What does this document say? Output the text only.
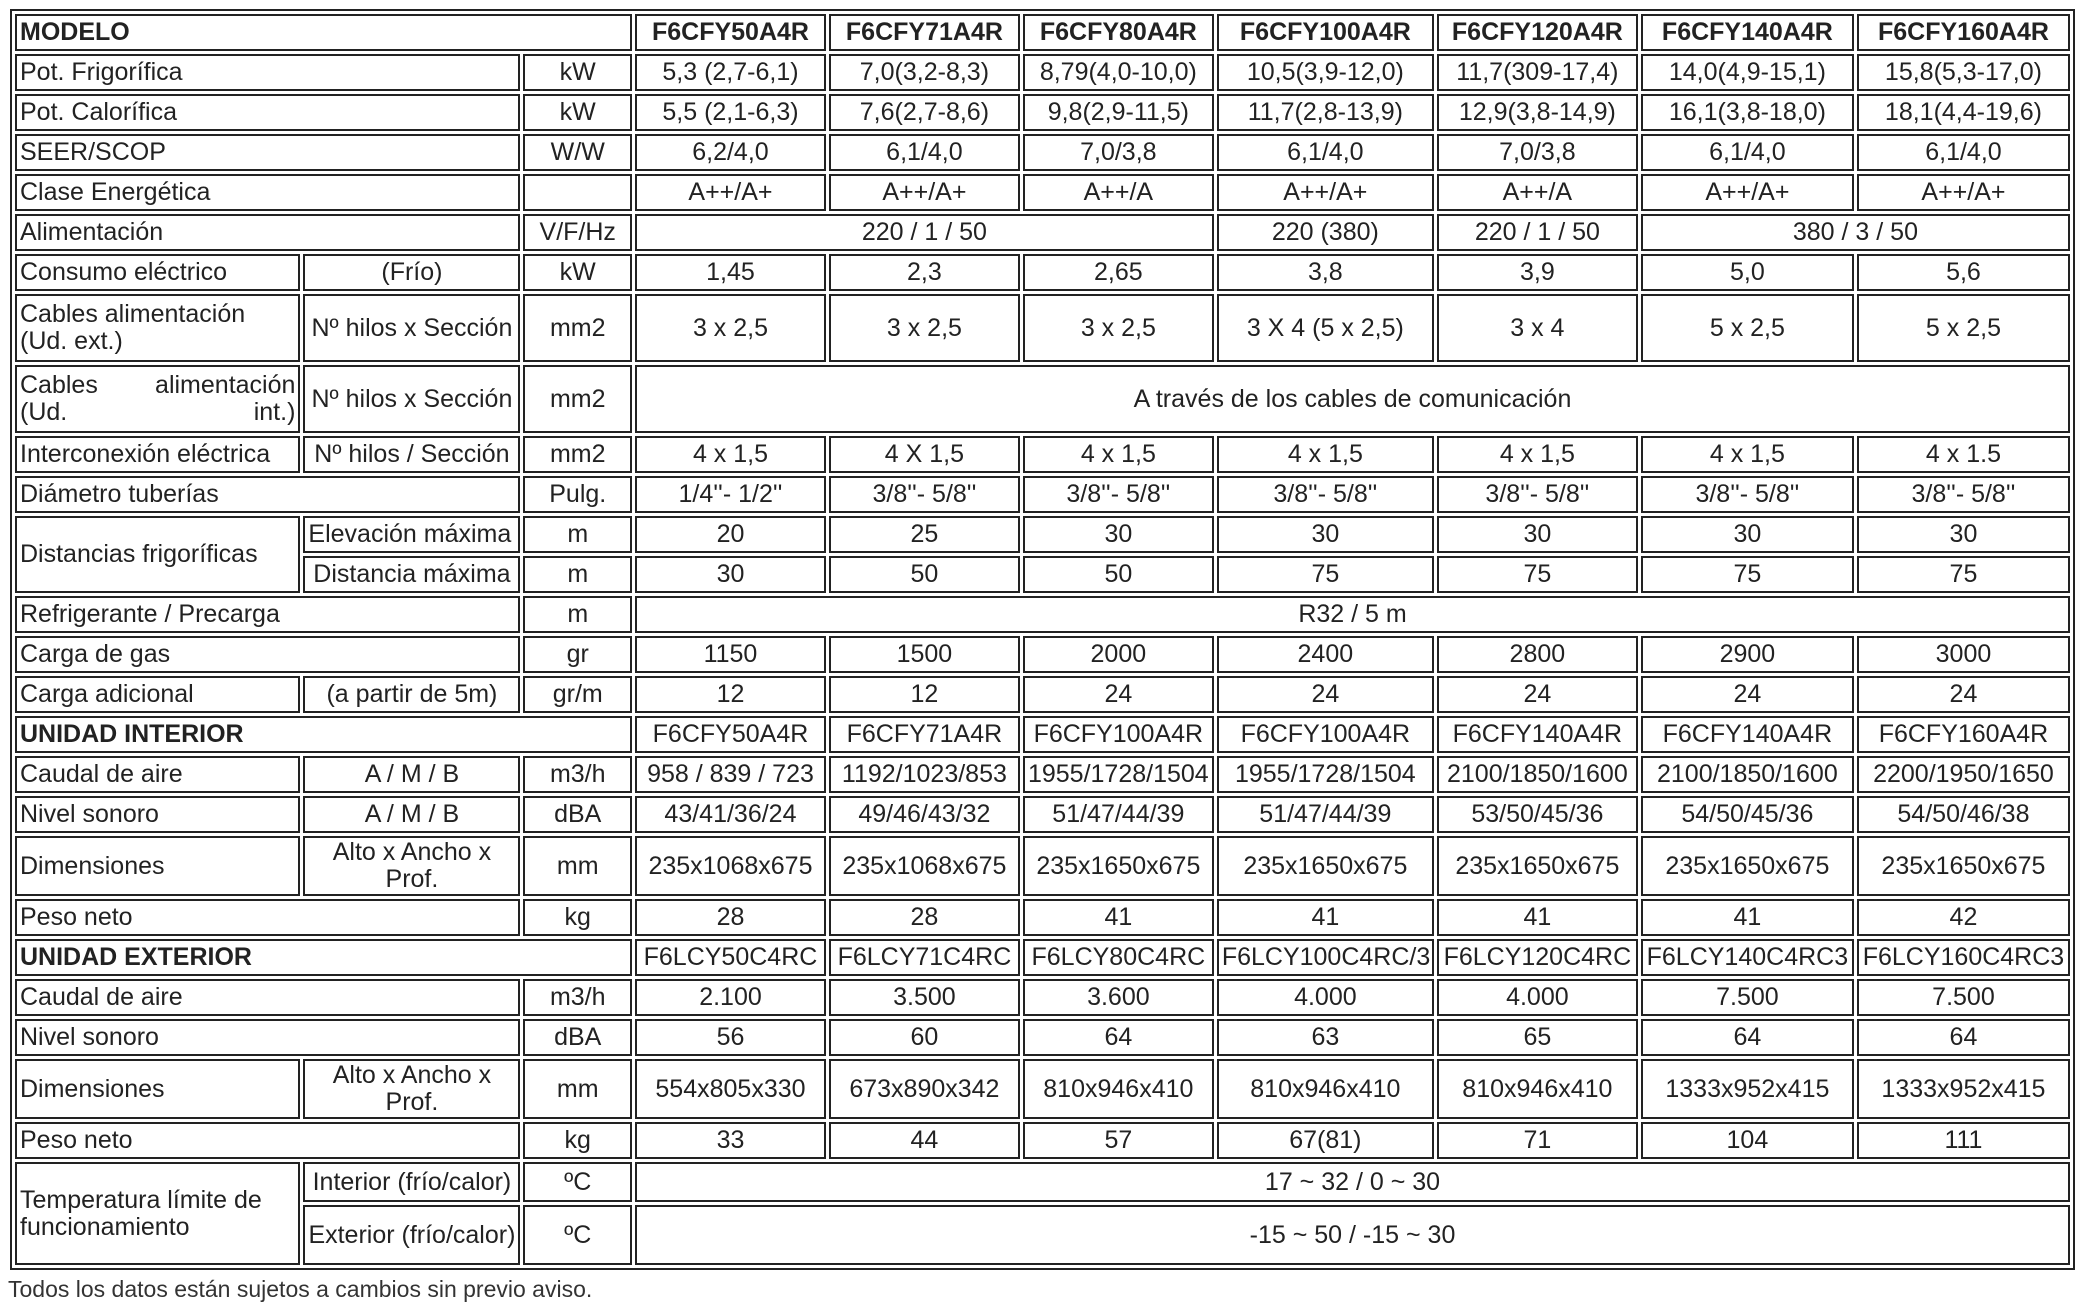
MODELO			F6CFY50A4R	F6CFY71A4R	F6CFY80A4R	F6CFY100A4R	F6CFY120A4R	F6CFY140A4R	F6CFY160A4R
Pot. Frigorífica		kW	5,3 (2,7-6,1)	7,0(3,2-8,3)	8,79(4,0-10,0)	10,5(3,9-12,0)	11,7(309-17,4)	14,0(4,9-15,1)	15,8(5,3-17,0)
Pot. Calorífica		kW	5,5 (2,1-6,3)	7,6(2,7-8,6)	9,8(2,9-11,5)	11,7(2,8-13,9)	12,9(3,8-14,9)	16,1(3,8-18,0)	18,1(4,4-19,6)
SEER/SCOP		W/W	6,2/4,0	6,1/4,0	7,0/3,8	6,1/4,0	7,0/3,8	6,1/4,0	6,1/4,0
Clase Energética			A++/A+	A++/A+	A++/A	A++/A+	A++/A	A++/A+	A++/A+
Alimentación		V/F/Hz	220 / 1 / 50			220 (380)	220 / 1 / 50	380 / 3 / 50	
Consumo eléctrico	(Frío)	kW	1,45	2,3	2,65	3,8	3,9	5,0	5,6
Cables alimentación (Ud. ext.)	Nº hilos x Sección	mm2	3 x 2,5	3 x 2,5	3 x 2,5	3 X 4 (5 x 2,5)	3 x 4	5 x 2,5	5 x 2,5
Cables alimentación (Ud. int.)	Nº hilos x Sección	mm2	A través de los cables de comunicación						
Interconexión eléctrica	Nº hilos / Sección	mm2	4 x 1,5	4 X 1,5	4 x 1,5	4 x 1,5	4 x 1,5	4 x 1,5	4 x 1.5
Diámetro tuberías		Pulg.	1/4''- 1/2''	3/8''- 5/8''	3/8''- 5/8''	3/8''- 5/8''	3/8''- 5/8''	3/8''- 5/8''	3/8''- 5/8''
Distancias frigoríficas	Elevación máxima	m	20	25	30	30	30	30	30
	Distancia máxima	m	30	50	50	75	75	75	75
Refrigerante / Precarga		m	R32 / 5 m						
Carga de gas		gr	1150	1500	2000	2400	2800	2900	3000
Carga adicional	(a partir de 5m)	gr/m	12	12	24	24	24	24	24
UNIDAD INTERIOR			F6CFY50A4R	F6CFY71A4R	F6CFY100A4R	F6CFY100A4R	F6CFY140A4R	F6CFY140A4R	F6CFY160A4R
Caudal de aire	A / M / B	m3/h	958 / 839 / 723	1192/1023/853	1955/1728/1504	1955/1728/1504	2100/1850/1600	2100/1850/1600	2200/1950/1650
Nivel sonoro	A / M / B	dBA	43/41/36/24	49/46/43/32	51/47/44/39	51/47/44/39	53/50/45/36	54/50/45/36	54/50/46/38
Dimensiones	Alto x Ancho x Prof.	mm	235x1068x675	235x1068x675	235x1650x675	235x1650x675	235x1650x675	235x1650x675	235x1650x675
Peso neto		kg	28	28	41	41	41	41	42
UNIDAD EXTERIOR			F6LCY50C4RC	F6LCY71C4RC	F6LCY80C4RC	F6LCY100C4RC/3	F6LCY120C4RC	F6LCY140C4RC3	F6LCY160C4RC3
Caudal de aire		m3/h	2.100	3.500	3.600	4.000	4.000	7.500	7.500
Nivel sonoro		dBA	56	60	64	63	65	64	64
Dimensiones	Alto x Ancho x Prof.	mm	554x805x330	673x890x342	810x946x410	810x946x410	810x946x410	1333x952x415	1333x952x415
Peso neto		kg	33	44	57	67(81)	71	104	111
Temperatura límite de funcionamiento	Interior (frío/calor)	ºC	17 ~ 32 / 0 ~ 30						
	Exterior (frío/calor)	ºC	-15 ~ 50 / -15 ~ 30						
Todos los datos están sujetos a cambios sin previo aviso.
